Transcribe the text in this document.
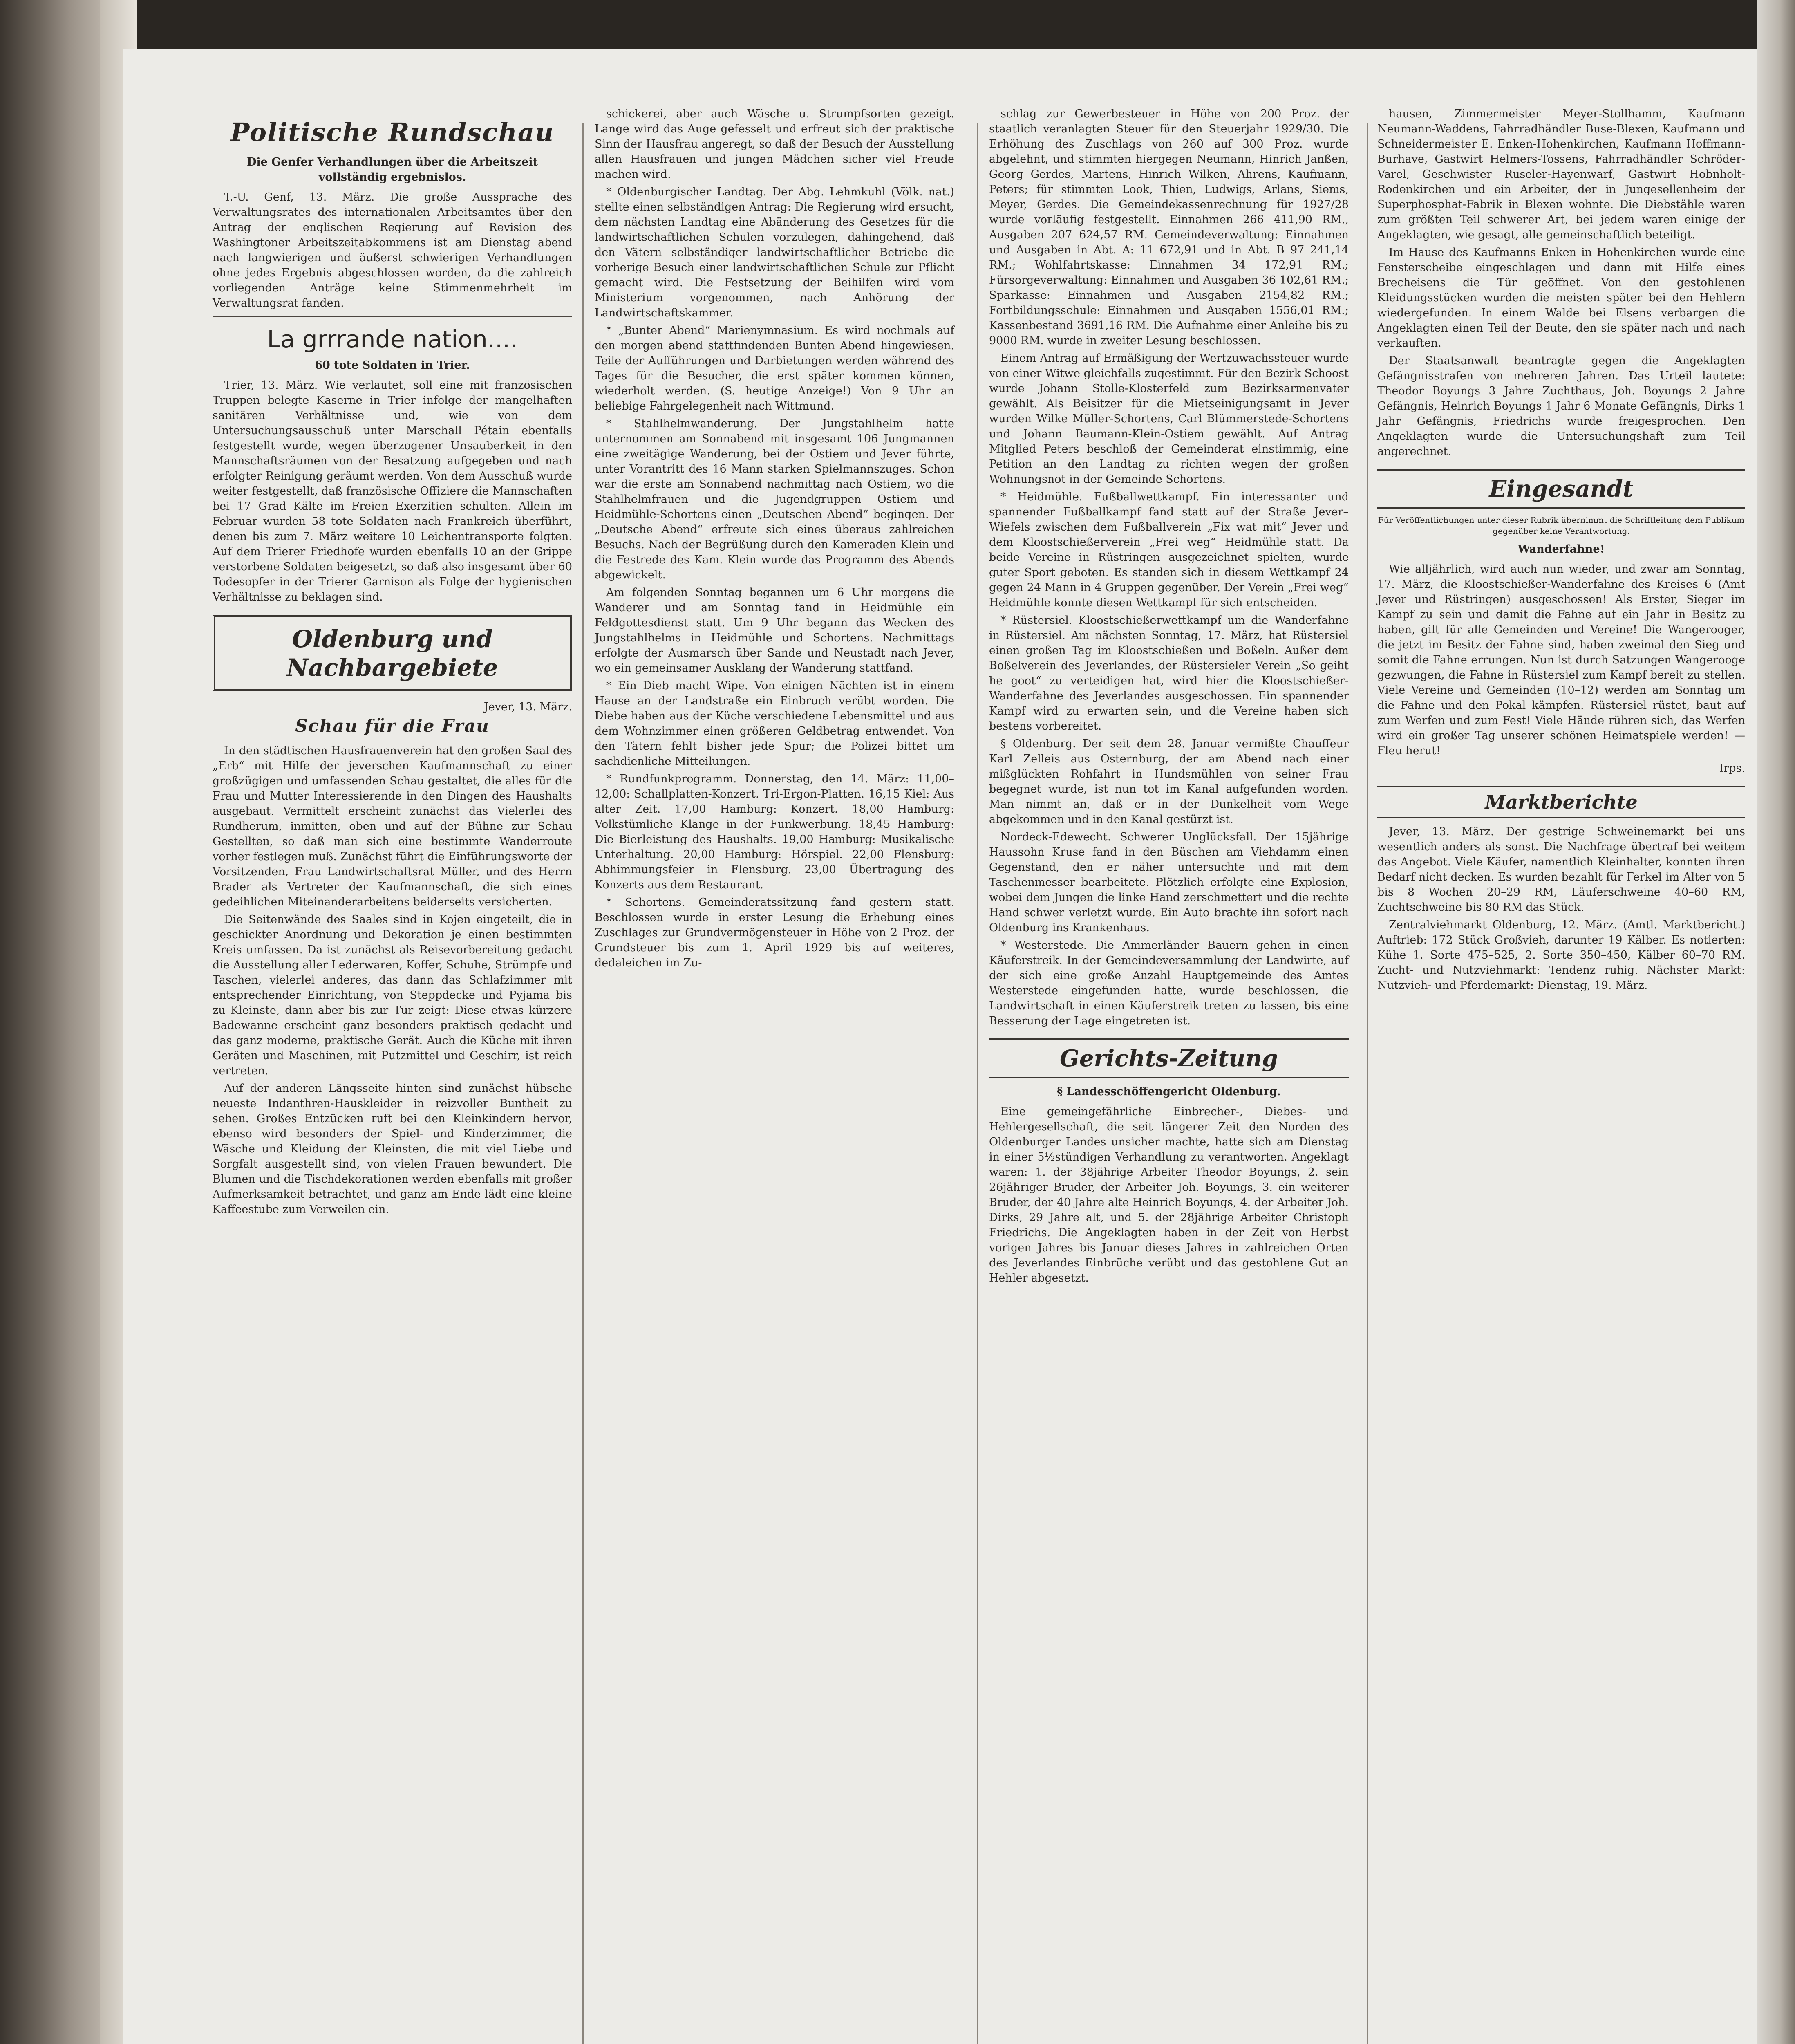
Politische Rundschau
Die Genfer Verhandlungen über die Arbeitszeit vollständig ergebnislos.

T.-U. Genf, 13. März. Die große Aussprache des Verwaltungsrates des internationalen Arbeitsamtes über den Antrag der englischen Regierung auf Revision des Washingtoner Arbeitszeitabkommens ist am Dienstag abend nach langwierigen und äußerst schwierigen Verhandlungen ohne jedes Ergebnis abgeschlossen worden, da die zahlreich vorliegenden Anträge keine Stimmenmehrheit im Verwaltungsrat fanden.

La grrrande nation....
60 tote Soldaten in Trier.

Trier, 13. März. Wie verlautet, soll eine mit französischen Truppen belegte Kaserne in Trier infolge der mangelhaften sanitären Verhältnisse und, wie von dem Untersuchungsausschuß unter Marschall Pétain ebenfalls festgestellt wurde, wegen überzogener Unsauberkeit in den Mannschaftsräumen von der Besatzung aufgegeben und nach erfolgter Reinigung geräumt werden. Von dem Ausschuß wurde weiter festgestellt, daß französische Offiziere die Mannschaften bei 17 Grad Kälte im Freien Exerzitien schulten. Allein im Februar wurden 58 tote Soldaten nach Frankreich überführt, denen bis zum 7. März weitere 10 Leichentransporte folgten. Auf dem Trierer Friedhofe wurden ebenfalls 10 an der Grippe verstorbene Soldaten beigesetzt, so daß also insgesamt über 60 Todesopfer in der Trierer Garnison als Folge der hygienischen Verhältnisse zu beklagen sind.

Oldenburg und Nachbargebiete
Jever, 13. März.
Schau für die Frau

In den städtischen Hausfrauenverein hat den großen Saal des „Erb“ mit Hilfe der jeverschen Kaufmannschaft zu einer großzügigen und umfassenden Schau gestaltet, die alles für die Frau und Mutter Interessierende in den Dingen des Haushalts ausgebaut. Vermittelt erscheint zunächst das Vielerlei des Rundherum, inmitten, oben und auf der Bühne zur Schau Gestellten, so daß man sich eine bestimmte Wanderroute vorher festlegen muß. Zunächst führt die Einführungsworte der Vorsitzenden, Frau Landwirtschaftsrat Müller, und des Herrn Brader als Vertreter der Kaufmannschaft, die sich eines gedeihlichen Miteinanderarbeitens beiderseits versicherten.

Die Seitenwände des Saales sind in Kojen eingeteilt, die in geschickter Anordnung und Dekoration je einen bestimmten Kreis umfassen. Da ist zunächst als Reisevorbereitung gedacht die Ausstellung aller Lederwaren, Koffer, Schuhe, Strümpfe und Taschen, vielerlei anderes, das dann das Schlafzimmer mit entsprechender Einrichtung, von Steppdecke und Pyjama bis zu Kleinste, dann aber bis zur Tür zeigt: Diese etwas kürzere Badewanne erscheint ganz besonders praktisch gedacht und das ganz moderne, praktische Gerät. Auch die Küche mit ihren Geräten und Maschinen, mit Putzmittel und Geschirr, ist reich vertreten.

Auf der anderen Längsseite hinten sind zunächst hübsche neueste Indanthren-Hauskleider in reizvoller Buntheit zu sehen. Großes Entzücken ruft bei den Kleinkindern hervor, ebenso wird besonders der Spiel- und Kinderzimmer, die Wäsche und Kleidung der Kleinsten, die mit viel Liebe und Sorgfalt ausgestellt sind, von vielen Frauen bewundert. Die Blumen und die Tischdekorationen werden ebenfalls mit großer Aufmerksamkeit betrachtet, und ganz am Ende lädt eine kleine Kaffeestube zum Verweilen ein.

schickerei, aber auch Wäsche u. Strumpfsorten gezeigt. Lange wird das Auge gefesselt und erfreut sich der praktische Sinn der Hausfrau angeregt, so daß der Besuch der Ausstellung allen Hausfrauen und jungen Mädchen sicher viel Freude machen wird.

* Oldenburgischer Landtag. Der Abg. Lehmkuhl (Völk. nat.) stellte einen selbständigen Antrag: Die Regierung wird ersucht, dem nächsten Landtag eine Abänderung des Gesetzes für die landwirtschaftlichen Schulen vorzulegen, dahingehend, daß den Vätern selbständiger landwirtschaftlicher Betriebe die vorherige Besuch einer landwirtschaftlichen Schule zur Pflicht gemacht wird. Die Festsetzung der Beihilfen wird vom Ministerium vorgenommen, nach Anhörung der Landwirtschaftskammer.

* „Bunter Abend“ Marienymnasium. Es wird nochmals auf den morgen abend stattfindenden Bunten Abend hingewiesen. Teile der Aufführungen und Darbietungen werden während des Tages für die Besucher, die erst später kommen können, wiederholt werden. (S. heutige Anzeige!) Von 9 Uhr an beliebige Fahrgelegenheit nach Wittmund.

* Stahlhelmwanderung. Der Jungstahlhelm hatte unternommen am Sonnabend mit insgesamt 106 Jungmannen eine zweitägige Wanderung, bei der Ostiem und Jever führte, unter Vorantritt des 16 Mann starken Spielmannszuges. Schon war die erste am Sonnabend nachmittag nach Ostiem, wo die Stahlhelmfrauen und die Jugendgruppen Ostiem und Heidmühle-Schortens einen „Deutschen Abend“ begingen. Der „Deutsche Abend“ erfreute sich eines überaus zahlreichen Besuchs. Nach der Begrüßung durch den Kameraden Klein und die Festrede des Kam. Klein wurde das Programm des Abends abgewickelt.

Am folgenden Sonntag begannen um 6 Uhr morgens die Wanderer und am Sonntag fand in Heidmühle ein Feldgottesdienst statt. Um 9 Uhr begann das Wecken des Jungstahlhelms in Heidmühle und Schortens. Nachmittags erfolgte der Ausmarsch über Sande und Neustadt nach Jever, wo ein gemeinsamer Ausklang der Wanderung stattfand.

* Ein Dieb macht Wipe. Von einigen Nächten ist in einem Hause an der Landstraße ein Einbruch verübt worden. Die Diebe haben aus der Küche verschiedene Lebensmittel und aus dem Wohnzimmer einen größeren Geldbetrag entwendet. Von den Tätern fehlt bisher jede Spur; die Polizei bittet um sachdienliche Mitteilungen.

* Rundfunkprogramm. Donnerstag, den 14. März: 11,00–12,00: Schallplatten-Konzert. Tri-Ergon-Platten. 16,15 Kiel: Aus alter Zeit. 17,00 Hamburg: Konzert. 18,00 Hamburg: Volkstümliche Klänge in der Funkwerbung. 18,45 Hamburg: Die Bierleistung des Haushalts. 19,00 Hamburg: Musikalische Unterhaltung. 20,00 Hamburg: Hörspiel. 22,00 Flensburg: Abhimmungsfeier in Flensburg. 23,00 Übertragung des Konzerts aus dem Restaurant.

* Schortens. Gemeinderatssitzung fand gestern statt. Beschlossen wurde in erster Lesung die Erhebung eines Zuschlages zur Grundvermögensteuer in Höhe von 2 Proz. der Grundsteuer bis zum 1. April 1929 bis auf weiteres, dedaleichen im Zu-

schlag zur Gewerbesteuer in Höhe von 200 Proz. der staatlich veranlagten Steuer für den Steuerjahr 1929/30. Die Erhöhung des Zuschlags von 260 auf 300 Proz. wurde abgelehnt, und stimmten hiergegen Neumann, Hinrich Janßen, Georg Gerdes, Martens, Hinrich Wilken, Ahrens, Kaufmann, Peters; für stimmten Look, Thien, Ludwigs, Arlans, Siems, Meyer, Gerdes. Die Gemeindekassenrechnung für 1927/28 wurde vorläufig festgestellt. Einnahmen 266 411,90 RM., Ausgaben 207 624,57 RM. Gemeindeverwaltung: Einnahmen und Ausgaben in Abt. A: 11 672,91 und in Abt. B 97 241,14 RM.; Wohlfahrtskasse: Einnahmen 34 172,91 RM.; Fürsorgeverwaltung: Einnahmen und Ausgaben 36 102,61 RM.; Sparkasse: Einnahmen und Ausgaben 2154,82 RM.; Fortbildungsschule: Einnahmen und Ausgaben 1556,01 RM.; Kassenbestand 3691,16 RM. Die Aufnahme einer Anleihe bis zu 9000 RM. wurde in zweiter Lesung beschlossen.

Einem Antrag auf Ermäßigung der Wertzuwachssteuer wurde von einer Witwe gleichfalls zugestimmt. Für den Bezirk Schoost wurde Johann Stolle-Klosterfeld zum Bezirksarmenvater gewählt. Als Beisitzer für die Mietseinigungsamt in Jever wurden Wilke Müller-Schortens, Carl Blümmerstede-Schortens und Johann Baumann-Klein-Ostiem gewählt. Auf Antrag Mitglied Peters beschloß der Gemeinderat einstimmig, eine Petition an den Landtag zu richten wegen der großen Wohnungsnot in der Gemeinde Schortens.

* Heidmühle. Fußballwettkampf. Ein interessanter und spannender Fußballkampf fand statt auf der Straße Jever–Wiefels zwischen dem Fußballverein „Fix wat mit“ Jever und dem Kloostschießerverein „Frei weg“ Heidmühle statt. Da beide Vereine in Rüstringen ausgezeichnet spielten, wurde guter Sport geboten. Es standen sich in diesem Wettkampf 24 gegen 24 Mann in 4 Gruppen gegenüber. Der Verein „Frei weg“ Heidmühle konnte diesen Wettkampf für sich entscheiden.

* Rüstersiel. Kloostschießerwettkampf um die Wanderfahne in Rüstersiel. Am nächsten Sonntag, 17. März, hat Rüstersiel einen großen Tag im Kloostschießen und Boßeln. Außer dem Boßelverein des Jeverlandes, der Rüstersieler Verein „So geiht he goot“ zu verteidigen hat, wird hier die Kloostschießer-Wanderfahne des Jeverlandes ausgeschossen. Ein spannender Kampf wird zu erwarten sein, und die Vereine haben sich bestens vorbereitet.

§ Oldenburg. Der seit dem 28. Januar vermißte Chauffeur Karl Zelleis aus Osternburg, der am Abend nach einer mißglückten Rohfahrt in Hundsmühlen von seiner Frau begegnet wurde, ist nun tot im Kanal aufgefunden worden. Man nimmt an, daß er in der Dunkelheit vom Wege abgekommen und in den Kanal gestürzt ist.

Nordeck-Edewecht. Schwerer Unglücksfall. Der 15jährige Haussohn Kruse fand in den Büschen am Viehdamm einen Gegenstand, den er näher untersuchte und mit dem Taschenmesser bearbeitete. Plötzlich erfolgte eine Explosion, wobei dem Jungen die linke Hand zerschmettert und die rechte Hand schwer verletzt wurde. Ein Auto brachte ihn sofort nach Oldenburg ins Krankenhaus.

* Westerstede. Die Ammerländer Bauern gehen in einen Käuferstreik. In der Gemeindeversammlung der Landwirte, auf der sich eine große Anzahl Hauptgemeinde des Amtes Westerstede eingefunden hatte, wurde beschlossen, die Landwirtschaft in einen Käuferstreik treten zu lassen, bis eine Besserung der Lage eingetreten ist.

Gerichts-Zeitung
§ Landesschöffengericht Oldenburg.

Eine gemeingefährliche Einbrecher-, Diebes- und Hehlergesellschaft, die seit längerer Zeit den Norden des Oldenburger Landes unsicher machte, hatte sich am Dienstag in einer 5½stündigen Verhandlung zu verantworten. Angeklagt waren: 1. der 38jährige Arbeiter Theodor Boyungs, 2. sein 26jähriger Bruder, der Arbeiter Joh. Boyungs, 3. ein weiterer Bruder, der 40 Jahre alte Heinrich Boyungs, 4. der Arbeiter Joh. Dirks, 29 Jahre alt, und 5. der 28jährige Arbeiter Christoph Friedrichs. Die Angeklagten haben in der Zeit von Herbst vorigen Jahres bis Januar dieses Jahres in zahlreichen Orten des Jeverlandes Einbrüche verübt und das gestohlene Gut an Hehler abgesetzt.

hausen, Zimmermeister Meyer-Stollhamm, Kaufmann Neumann-Waddens, Fahrradhändler Buse-Blexen, Kaufmann und Schneidermeister E. Enken-Hohenkirchen, Kaufmann Hoffmann-Burhave, Gastwirt Helmers-Tossens, Fahrradhändler Schröder-Varel, Geschwister Ruseler-Hayenwarf, Gastwirt Hobnholt-Rodenkirchen und ein Arbeiter, der in Jungesellenheim der Superphosphat-Fabrik in Blexen wohnte. Die Diebstähle waren zum größten Teil schwerer Art, bei jedem waren einige der Angeklagten, wie gesagt, alle gemeinschaftlich beteiligt.

Im Hause des Kaufmanns Enken in Hohenkirchen wurde eine Fensterscheibe eingeschlagen und dann mit Hilfe eines Brecheisens die Tür geöffnet. Von den gestohlenen Kleidungsstücken wurden die meisten später bei den Hehlern wiedergefunden. In einem Walde bei Elsens verbargen die Angeklagten einen Teil der Beute, den sie später nach und nach verkauften.

Der Staatsanwalt beantragte gegen die Angeklagten Gefängnisstrafen von mehreren Jahren. Das Urteil lautete: Theodor Boyungs 3 Jahre Zuchthaus, Joh. Boyungs 2 Jahre Gefängnis, Heinrich Boyungs 1 Jahr 6 Monate Gefängnis, Dirks 1 Jahr Gefängnis, Friedrichs wurde freigesprochen. Den Angeklagten wurde die Untersuchungshaft zum Teil angerechnet.

Eingesandt
Für Veröffentlichungen unter dieser Rubrik übernimmt die Schriftleitung dem Publikum gegenüber keine Verantwortung.
Wanderfahne!

Wie alljährlich, wird auch nun wieder, und zwar am Sonntag, 17. März, die Kloostschießer-Wanderfahne des Kreises 6 (Amt Jever und Rüstringen) ausgeschossen! Als Erster, Sieger im Kampf zu sein und damit die Fahne auf ein Jahr in Besitz zu haben, gilt für alle Gemeinden und Vereine! Die Wangerooger, die jetzt im Besitz der Fahne sind, haben zweimal den Sieg und somit die Fahne errungen. Nun ist durch Satzungen Wangerooge gezwungen, die Fahne in Rüstersiel zum Kampf bereit zu stellen. Viele Vereine und Gemeinden (10–12) werden am Sonntag um die Fahne und den Pokal kämpfen. Rüstersiel rüstet, baut auf zum Werfen und zum Fest! Viele Hände rühren sich, das Werfen wird ein großer Tag unserer schönen Heimatspiele werden! — Fleu herut!

Irps.
Marktberichte

Jever, 13. März. Der gestrige Schweinemarkt bei uns wesentlich anders als sonst. Die Nachfrage übertraf bei weitem das Angebot. Viele Käufer, namentlich Kleinhalter, konnten ihren Bedarf nicht decken. Es wurden bezahlt für Ferkel im Alter von 5 bis 8 Wochen 20–29 RM, Läuferschweine 40–60 RM, Zuchtschweine bis 80 RM das Stück.

Zentralviehmarkt Oldenburg, 12. März. (Amtl. Marktbericht.) Auftrieb: 172 Stück Großvieh, darunter 19 Kälber. Es notierten: Kühe 1. Sorte 475–525, 2. Sorte 350–450, Kälber 60–70 RM. Zucht- und Nutzviehmarkt: Tendenz ruhig. Nächster Markt: Nutzvieh- und Pferdemarkt: Dienstag, 19. März.
